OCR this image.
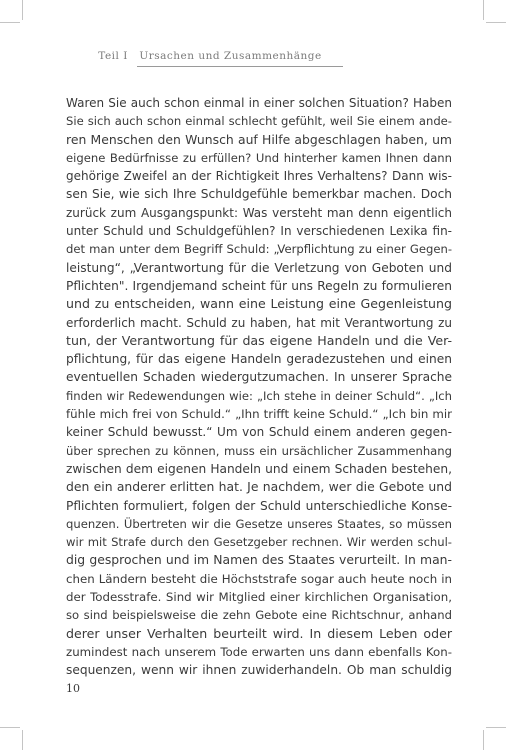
Teil I   Ursachen und Zusammenhänge
Waren Sie auch schon einmal in einer solchen Situation? Haben
Sie sich auch schon einmal schlecht gefühlt, weil Sie einem ande-
ren Menschen den Wunsch auf Hilfe abgeschlagen haben, um
eigene Bedürfnisse zu erfüllen? Und hinterher kamen Ihnen dann
gehörige Zweifel an der Richtigkeit Ihres Verhaltens? Dann wis-
sen Sie, wie sich Ihre Schuldgefühle bemerkbar machen. Doch
zurück zum Ausgangspunkt: Was versteht man denn eigentlich
unter Schuld und Schuldgefühlen? In verschiedenen Lexika fin-
det man unter dem Begriff Schuld: „Verpflichtung zu einer Gegen-
leistung“, „Verantwortung für die Verletzung von Geboten und
Pflichten". Irgendjemand scheint für uns Regeln zu formulieren
und zu entscheiden, wann eine Leistung eine Gegenleistung
erforderlich macht. Schuld zu haben, hat mit Verantwortung zu
tun, der Verantwortung für das eigene Handeln und die Ver-
pflichtung, für das eigene Handeln geradezustehen und einen
eventuellen Schaden wiedergutzumachen. In unserer Sprache
finden wir Redewendungen wie: „Ich stehe in deiner Schuld“. „Ich
fühle mich frei von Schuld.“ „Ihn trifft keine Schuld.“ „Ich bin mir
keiner Schuld bewusst.“ Um von Schuld einem anderen gegen-
über sprechen zu können, muss ein ursächlicher Zusammenhang
zwischen dem eigenen Handeln und einem Schaden bestehen,
den ein anderer erlitten hat. Je nachdem, wer die Gebote und
Pflichten formuliert, folgen der Schuld unterschiedliche Konse-
quenzen. Übertreten wir die Gesetze unseres Staates, so müssen
wir mit Strafe durch den Gesetzgeber rechnen. Wir werden schul-
dig gesprochen und im Namen des Staates verurteilt. In man-
chen Ländern besteht die Höchststrafe sogar auch heute noch in
der Todesstrafe. Sind wir Mitglied einer kirchlichen Organisation,
so sind beispielsweise die zehn Gebote eine Richtschnur, anhand
derer unser Verhalten beurteilt wird. In diesem Leben oder
zumindest nach unserem Tode erwarten uns dann ebenfalls Kon-
sequenzen, wenn wir ihnen zuwiderhandeln. Ob man schuldig
10
